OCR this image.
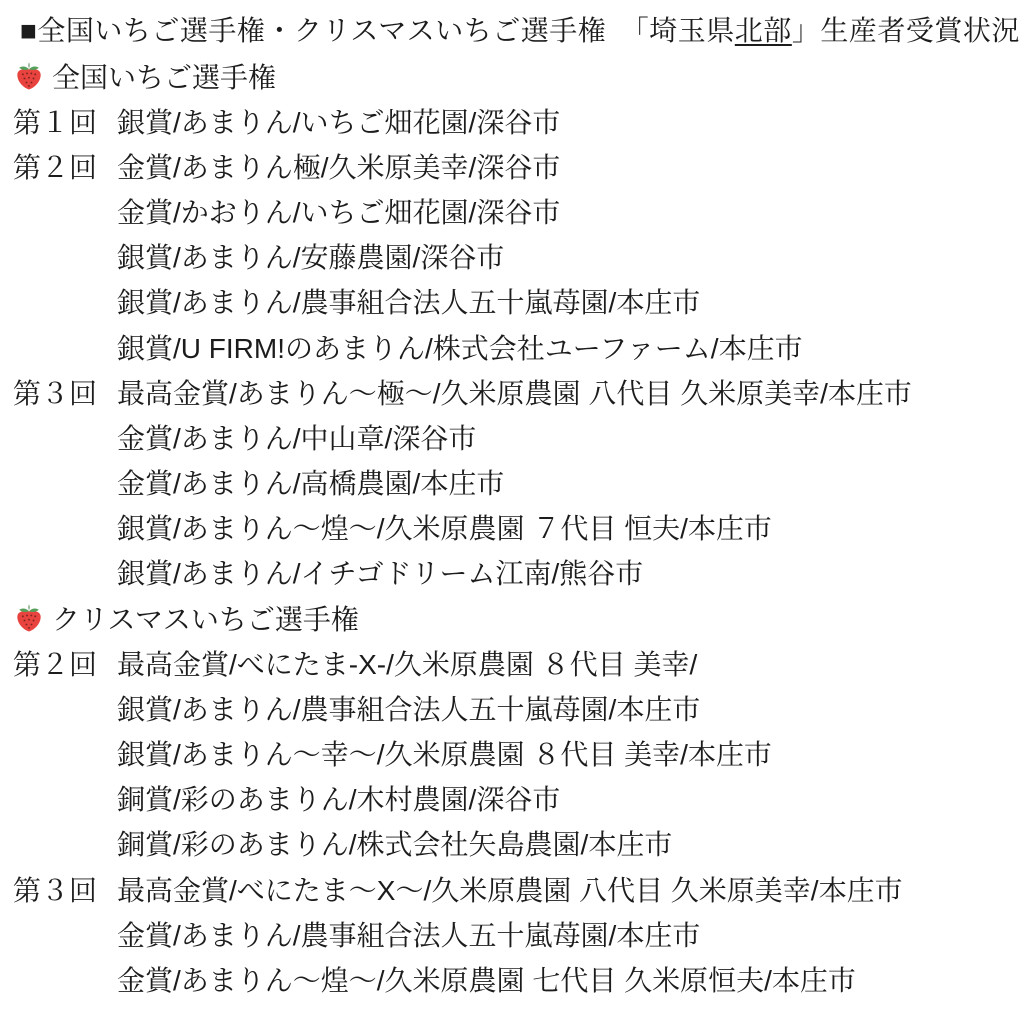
■全国いちご選手権・クリスマスいちご選手権　「埼玉県北部」生産者受賞状況
全国いちご選手権
第１回 銀賞/あまりん/いちご畑花園/深谷市
第２回 金賞/あまりん極/久米原美幸/深谷市
金賞/かおりん/いちご畑花園/深谷市
銀賞/あまりん/安藤農園/深谷市
銀賞/あまりん/農事組合法人五十嵐苺園/本庄市
銀賞/U FIRM!のあまりん/株式会社ユーファーム/本庄市
第３回 最高金賞/あまりん〜極〜/久米原農園 八代目 久米原美幸/本庄市
金賞/あまりん/中山章/深谷市
金賞/あまりん/高橋農園/本庄市
銀賞/あまりん〜煌〜/久米原農園 ７代目 恒夫/本庄市
銀賞/あまりん/イチゴドリーム江南/熊谷市
クリスマスいちご選手権
第２回 最高金賞/べにたま-X-/久米原農園 ８代目 美幸/
銀賞/あまりん/農事組合法人五十嵐苺園/本庄市
銀賞/あまりん〜幸〜/久米原農園 ８代目 美幸/本庄市
銅賞/彩のあまりん/木村農園/深谷市
銅賞/彩のあまりん/株式会社矢島農園/本庄市
第３回 最高金賞/べにたま〜X〜/久米原農園 八代目 久米原美幸/本庄市
金賞/あまりん/農事組合法人五十嵐苺園/本庄市
金賞/あまりん〜煌〜/久米原農園 七代目 久米原恒夫/本庄市
